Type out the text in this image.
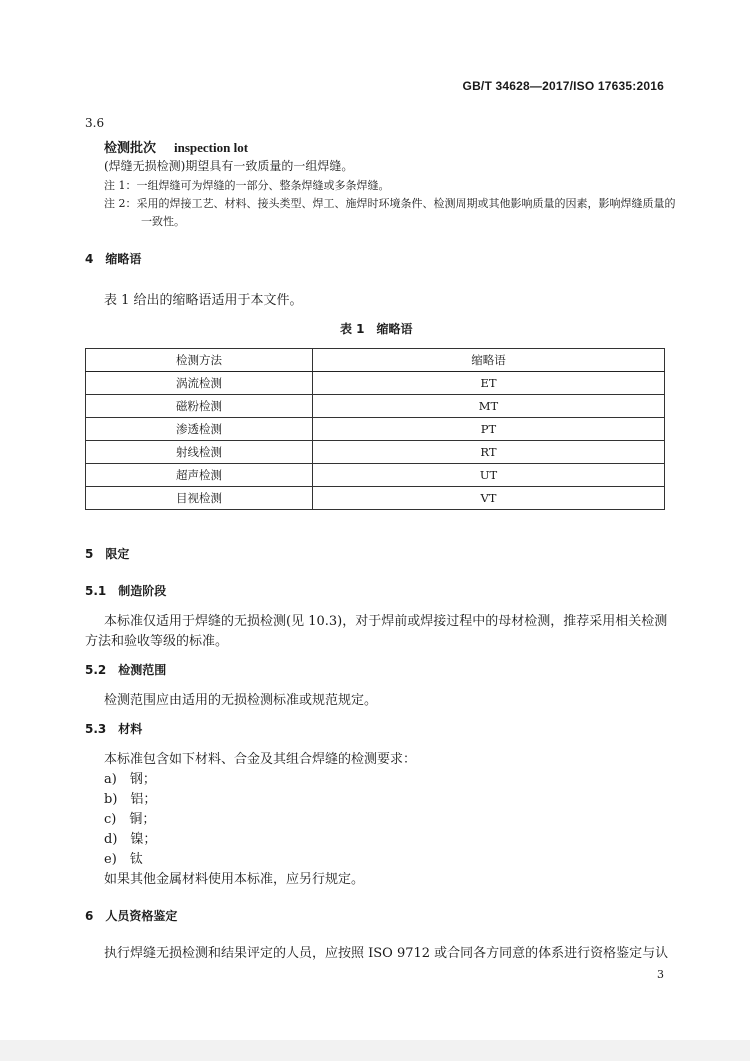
GB/T 34628—2017/ISO 17635:2016
3.6
检测批次 inspection lot
(焊缝无损检测)期望具有一致质量的一组焊缝。
注 1：一组焊缝可为焊缝的一部分、整条焊缝或多条焊缝。
注 2：采用的焊接工艺、材料、接头类型、焊工、施焊时环境条件、检测周期或其他影响质量的因素，影响焊缝质量的
一致性。
4　缩略语
表 1 给出的缩略语适用于本文件。
表 1　缩略语
检测方法	缩略语
涡流检测	ET
磁粉检测	MT
渗透检测	PT
射线检测	RT
超声检测	UT
目视检测	VT
5　限定
5.1　制造阶段
本标准仅适用于焊缝的无损检测(见 10.3)，对于焊前或焊接过程中的母材检测，推荐采用相关检测
方法和验收等级的标准。
5.2　检测范围
检测范围应由适用的无损检测标准或规范规定。
5.3　材料
本标准包含如下材料、合金及其组合焊缝的检测要求：
a)　钢；
b)　铝；
c)　铜；
d)　镍；
e)　钛
如果其他金属材料使用本标准，应另行规定。
6　人员资格鉴定
执行焊缝无损检测和结果评定的人员，应按照 ISO 9712 或合同各方同意的体系进行资格鉴定与认
3
